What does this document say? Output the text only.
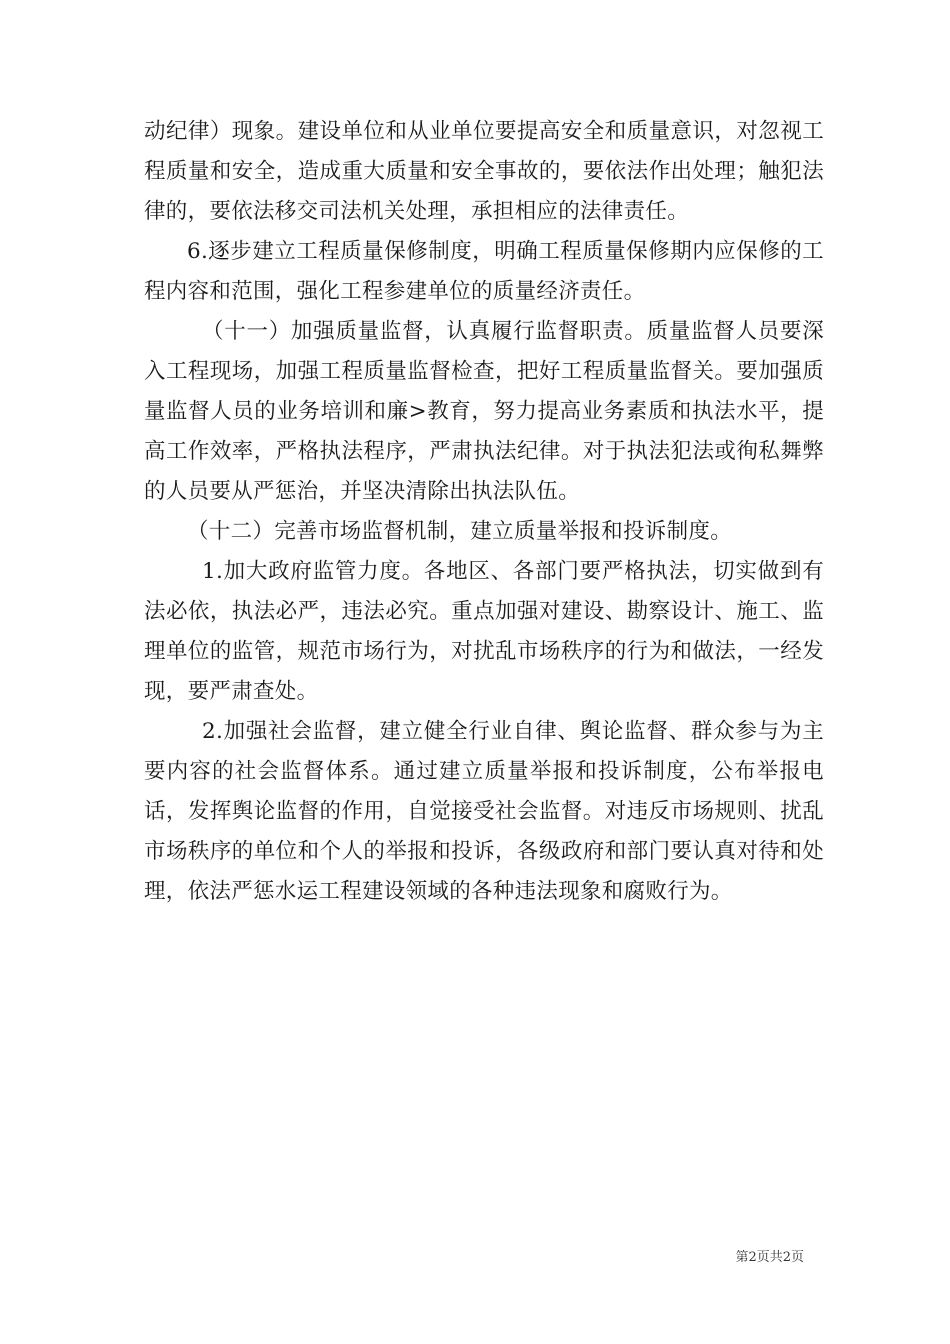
动纪律）现象。建设单位和从业单位要提高安全和质量意识，对忽视工程质量和安全，造成重大质量和安全事故的，要依法作出处理；触犯法律的，要依法移交司法机关处理，承担相应的法律责任。

6.逐步建立工程质量保修制度，明确工程质量保修期内应保修的工程内容和范围，强化工程参建单位的质量经济责任。

（十一）加强质量监督，认真履行监督职责。质量监督人员要深入工程现场，加强工程质量监督检查，把好工程质量监督关。要加强质量监督人员的业务培训和廉>教育，努力提高业务素质和执法水平，提高工作效率，严格执法程序，严肃执法纪律。对于执法犯法或徇私舞弊的人员要从严惩治，并坚决清除出执法队伍。

（十二）完善市场监督机制，建立质量举报和投诉制度。

1.加大政府监管力度。各地区、各部门要严格执法，切实做到有法必依，执法必严，违法必究。重点加强对建设、勘察设计、施工、监理单位的监管，规范市场行为，对扰乱市场秩序的行为和做法，一经发现，要严肃查处。

2.加强社会监督，建立健全行业自律、舆论监督、群众参与为主要内容的社会监督体系。通过建立质量举报和投诉制度，公布举报电话，发挥舆论监督的作用，自觉接受社会监督。对违反市场规则、扰乱市场秩序的单位和个人的举报和投诉，各级政府和部门要认真对待和处理，依法严惩水运工程建设领域的各种违法现象和腐败行为。

第2页共2页
